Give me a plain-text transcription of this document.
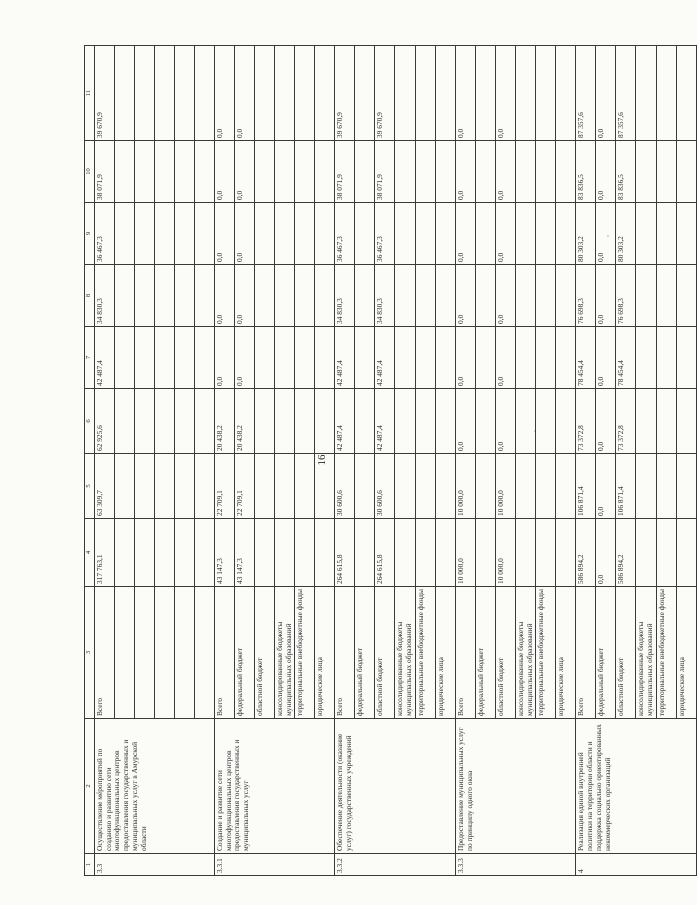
16
1	2	3	4	5	6	7	8	9	10	11
3.3	Осуществление мероприятий по созданию и развитию сети многофункциональных центров предоставления государственных и муниципальных услуг в Амурской области	Всего	317 763,1	63 309,7	62 925,6	42 487,4	34 830,3	36 467,3	38 071,9	39 670,9

3.3.1	Создание и развитие сети многофункциональных центров предоставления государственных и муниципальных услуг	Всего	43 147,3	22 709,1	20 438,2	0,0	0,0	0,0	0,0	0,0
		федеральный бюджет	43 147,3	22 709,1	20 438,2	0,0	0,0	0,0	0,0	0,0
		областной бюджет								
		консолидированные бюджеты муниципальных образований								
		территориальные внебюджетные фонды								
		юридические лица								
3.3.2	Обеспечение деятельности (оказание услуг) государственных учреждений	Всего	264 615,8	30 600,6	42 487,4	42 487,4	34 830,3	36 467,3	38 071,9	39 670,9
		федеральный бюджет								
		областной бюджет	264 615,8	30 600,6	42 487,4	42 487,4	34 830,3	36 467,3	38 071,9	39 670,9
		консолидированные бюджеты муниципальных образований								
		территориальные внебюджетные фонды								
		юридические лица								
3.3.3	Предоставление муниципальных услуг по принципу одного окна	Всего	10 000,0	10 000,0	0,0	0,0	0,0	0,0	0,0	0,0
		федеральный бюджет								
		областной бюджет	10 000,0	10 000,0	0,0	0,0	0,0	0,0	0,0	0,0
		консолидированные бюджеты муниципальных образований								
		территориальные внебюджетные фонды								
		юридические лица								
4	Реализация единой внутренней политики на территории области и поддержка социально ориентированных некоммерческих организаций	Всего	586 894,2	106 871,4	73 372,8	78 454,4	76 698,3	80 303,2	83 836,5	87 357,6
		федеральный бюджет	0,0	0,0	0,0	0,0	0,0	0,0	0,0	0,0
		областной бюджет	586 894,2	106 871,4	73 372,8	78 454,4	76 698,3	80 303,2	83 836,5	87 357,6
		консолидированные бюджеты муниципальных образований								
		территориальные внебюджетные фонды								
		юридические лица								
